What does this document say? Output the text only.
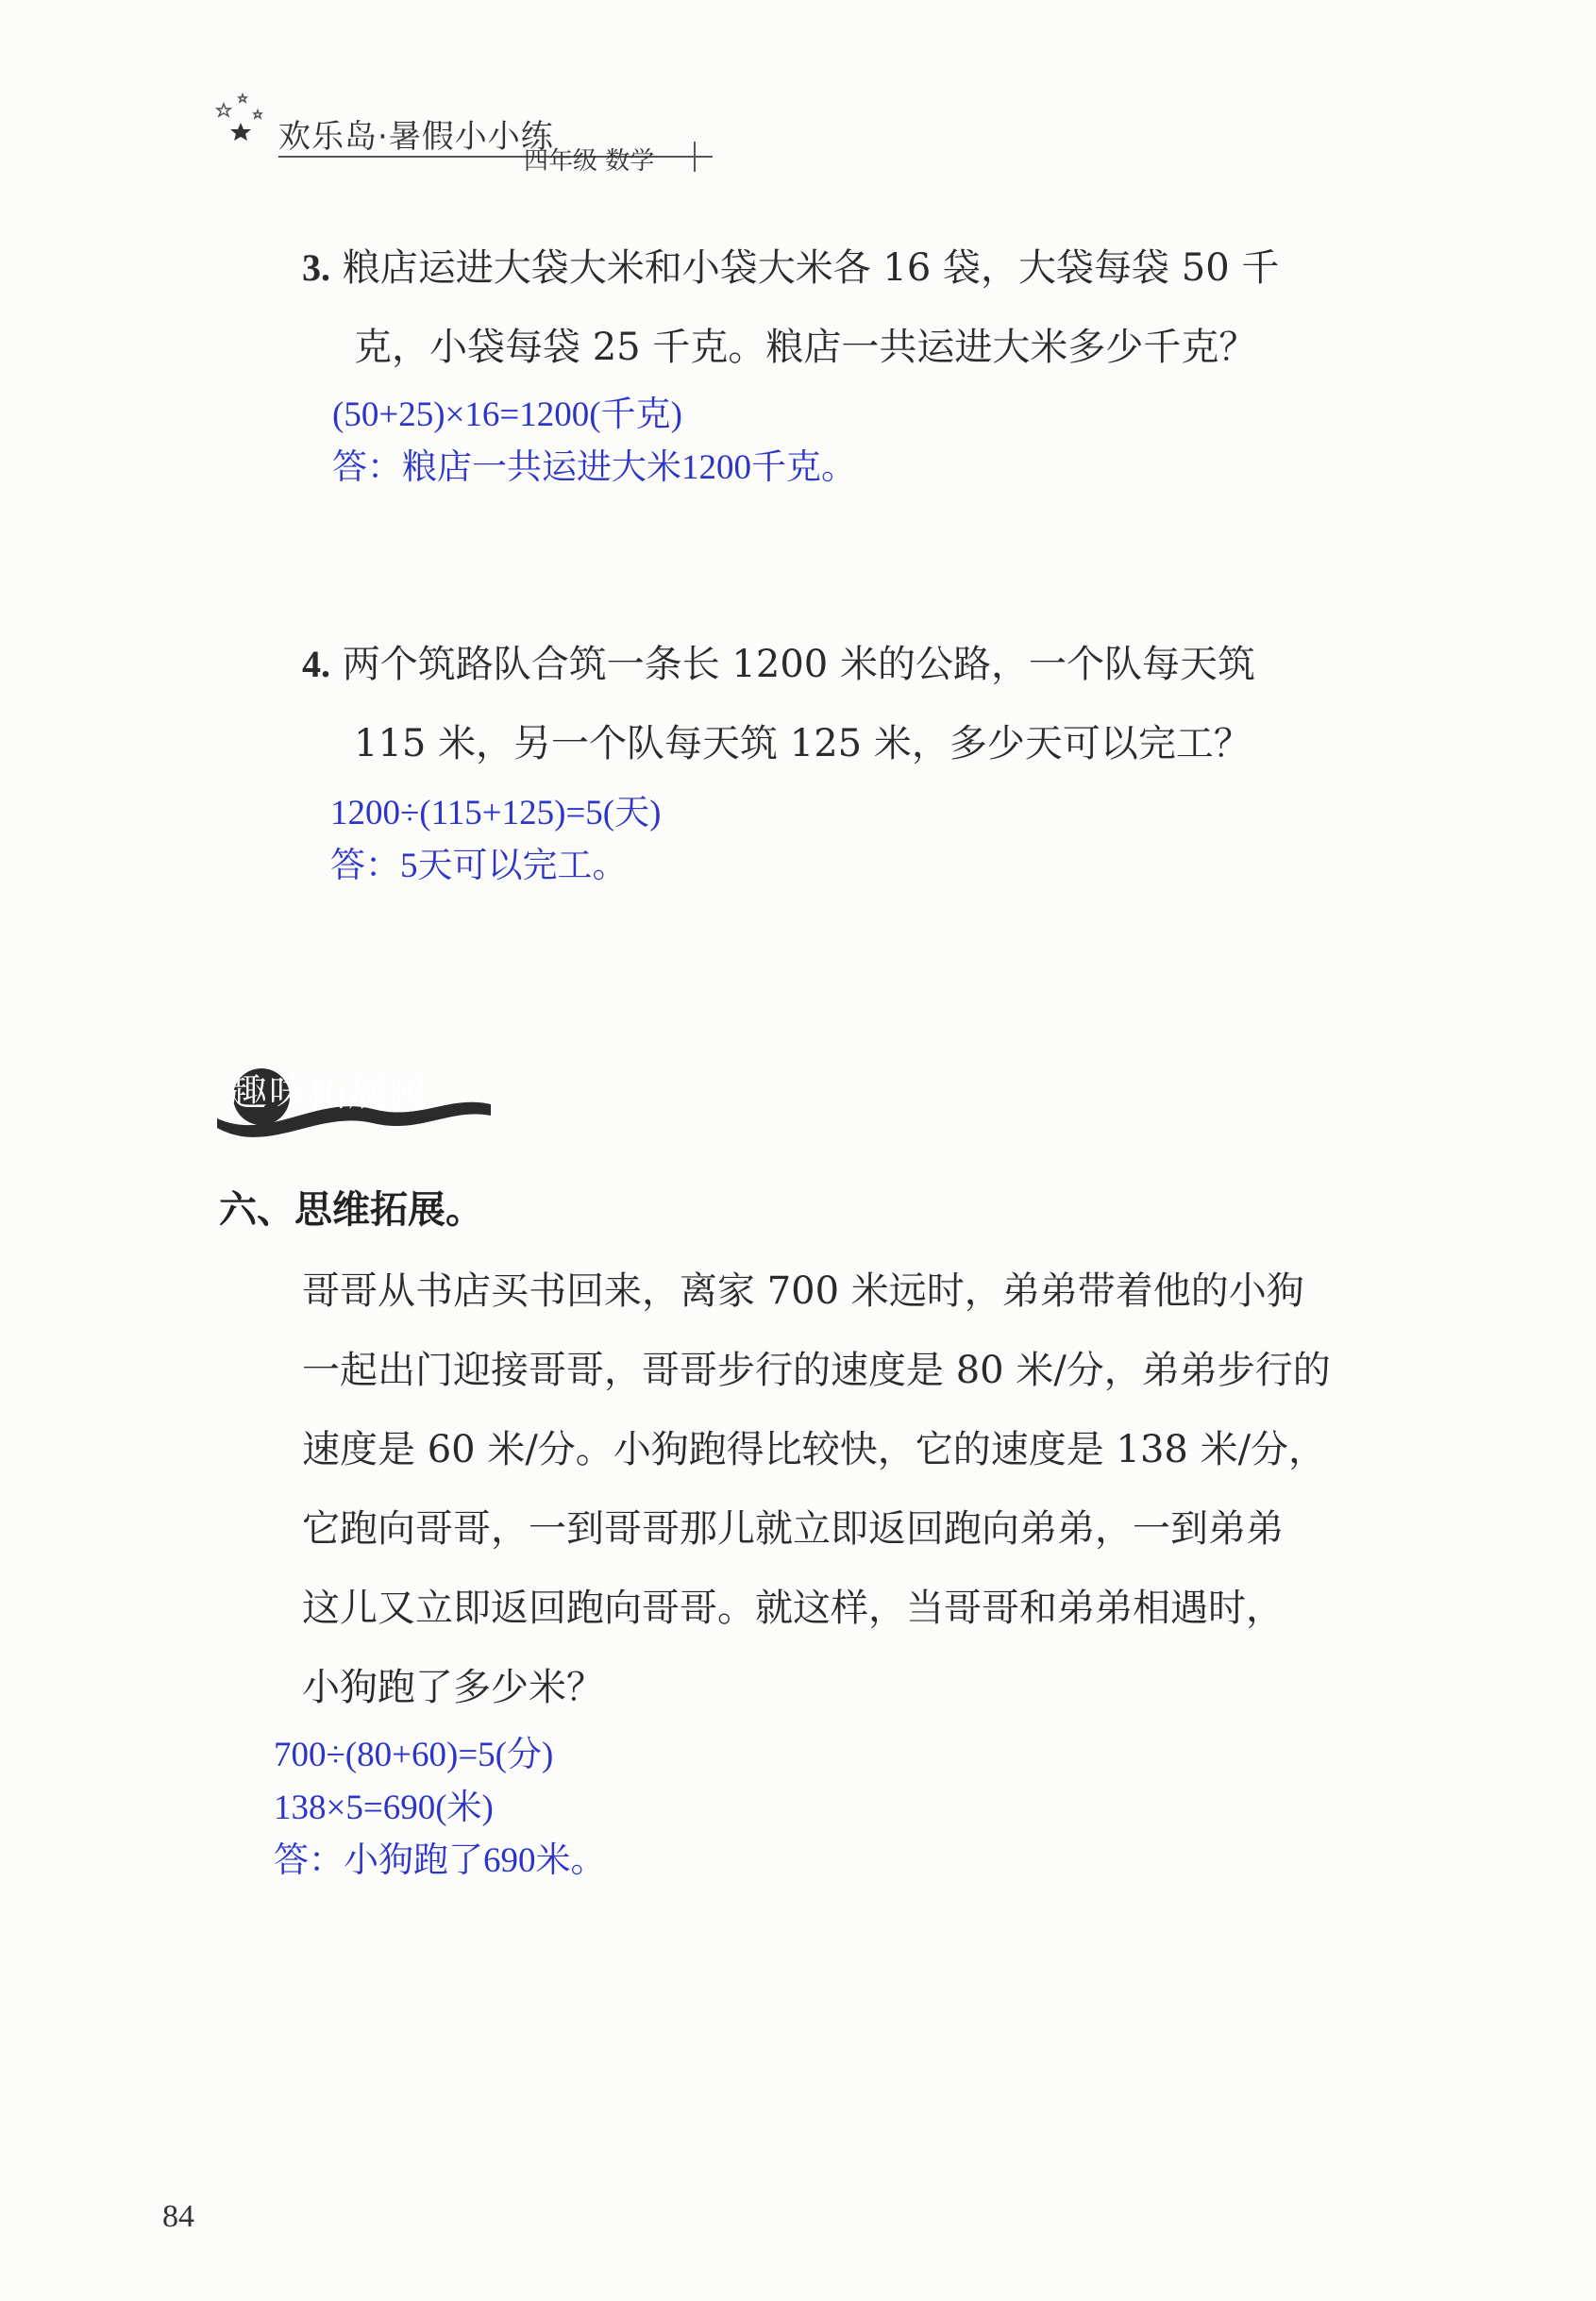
欢乐岛·暑假小小练
四年级 数学
3. 粮店运进大袋大米和小袋大米各 16 袋，大袋每袋 50 千
克，小袋每袋 25 千克。粮店一共运进大米多少千克？
(50+25)×16=1200(千克)
答：粮店一共运进大米1200千克。
4. 两个筑路队合筑一条长 1200 米的公路，一个队每天筑
115 米，另一个队每天筑 125 米，多少天可以完工？
1200÷(115+125)=5(天)
答：5天可以完工。
趣味拓展园
六、思维拓展。
哥哥从书店买书回来，离家 700 米远时，弟弟带着他的小狗
一起出门迎接哥哥，哥哥步行的速度是 80 米/分，弟弟步行的
速度是 60 米/分。小狗跑得比较快，它的速度是 138 米/分，
它跑向哥哥，一到哥哥那儿就立即返回跑向弟弟，一到弟弟
这儿又立即返回跑向哥哥。就这样，当哥哥和弟弟相遇时，
小狗跑了多少米？
700÷(80+60)=5(分)
138×5=690(米)
答：小狗跑了690米。
84
